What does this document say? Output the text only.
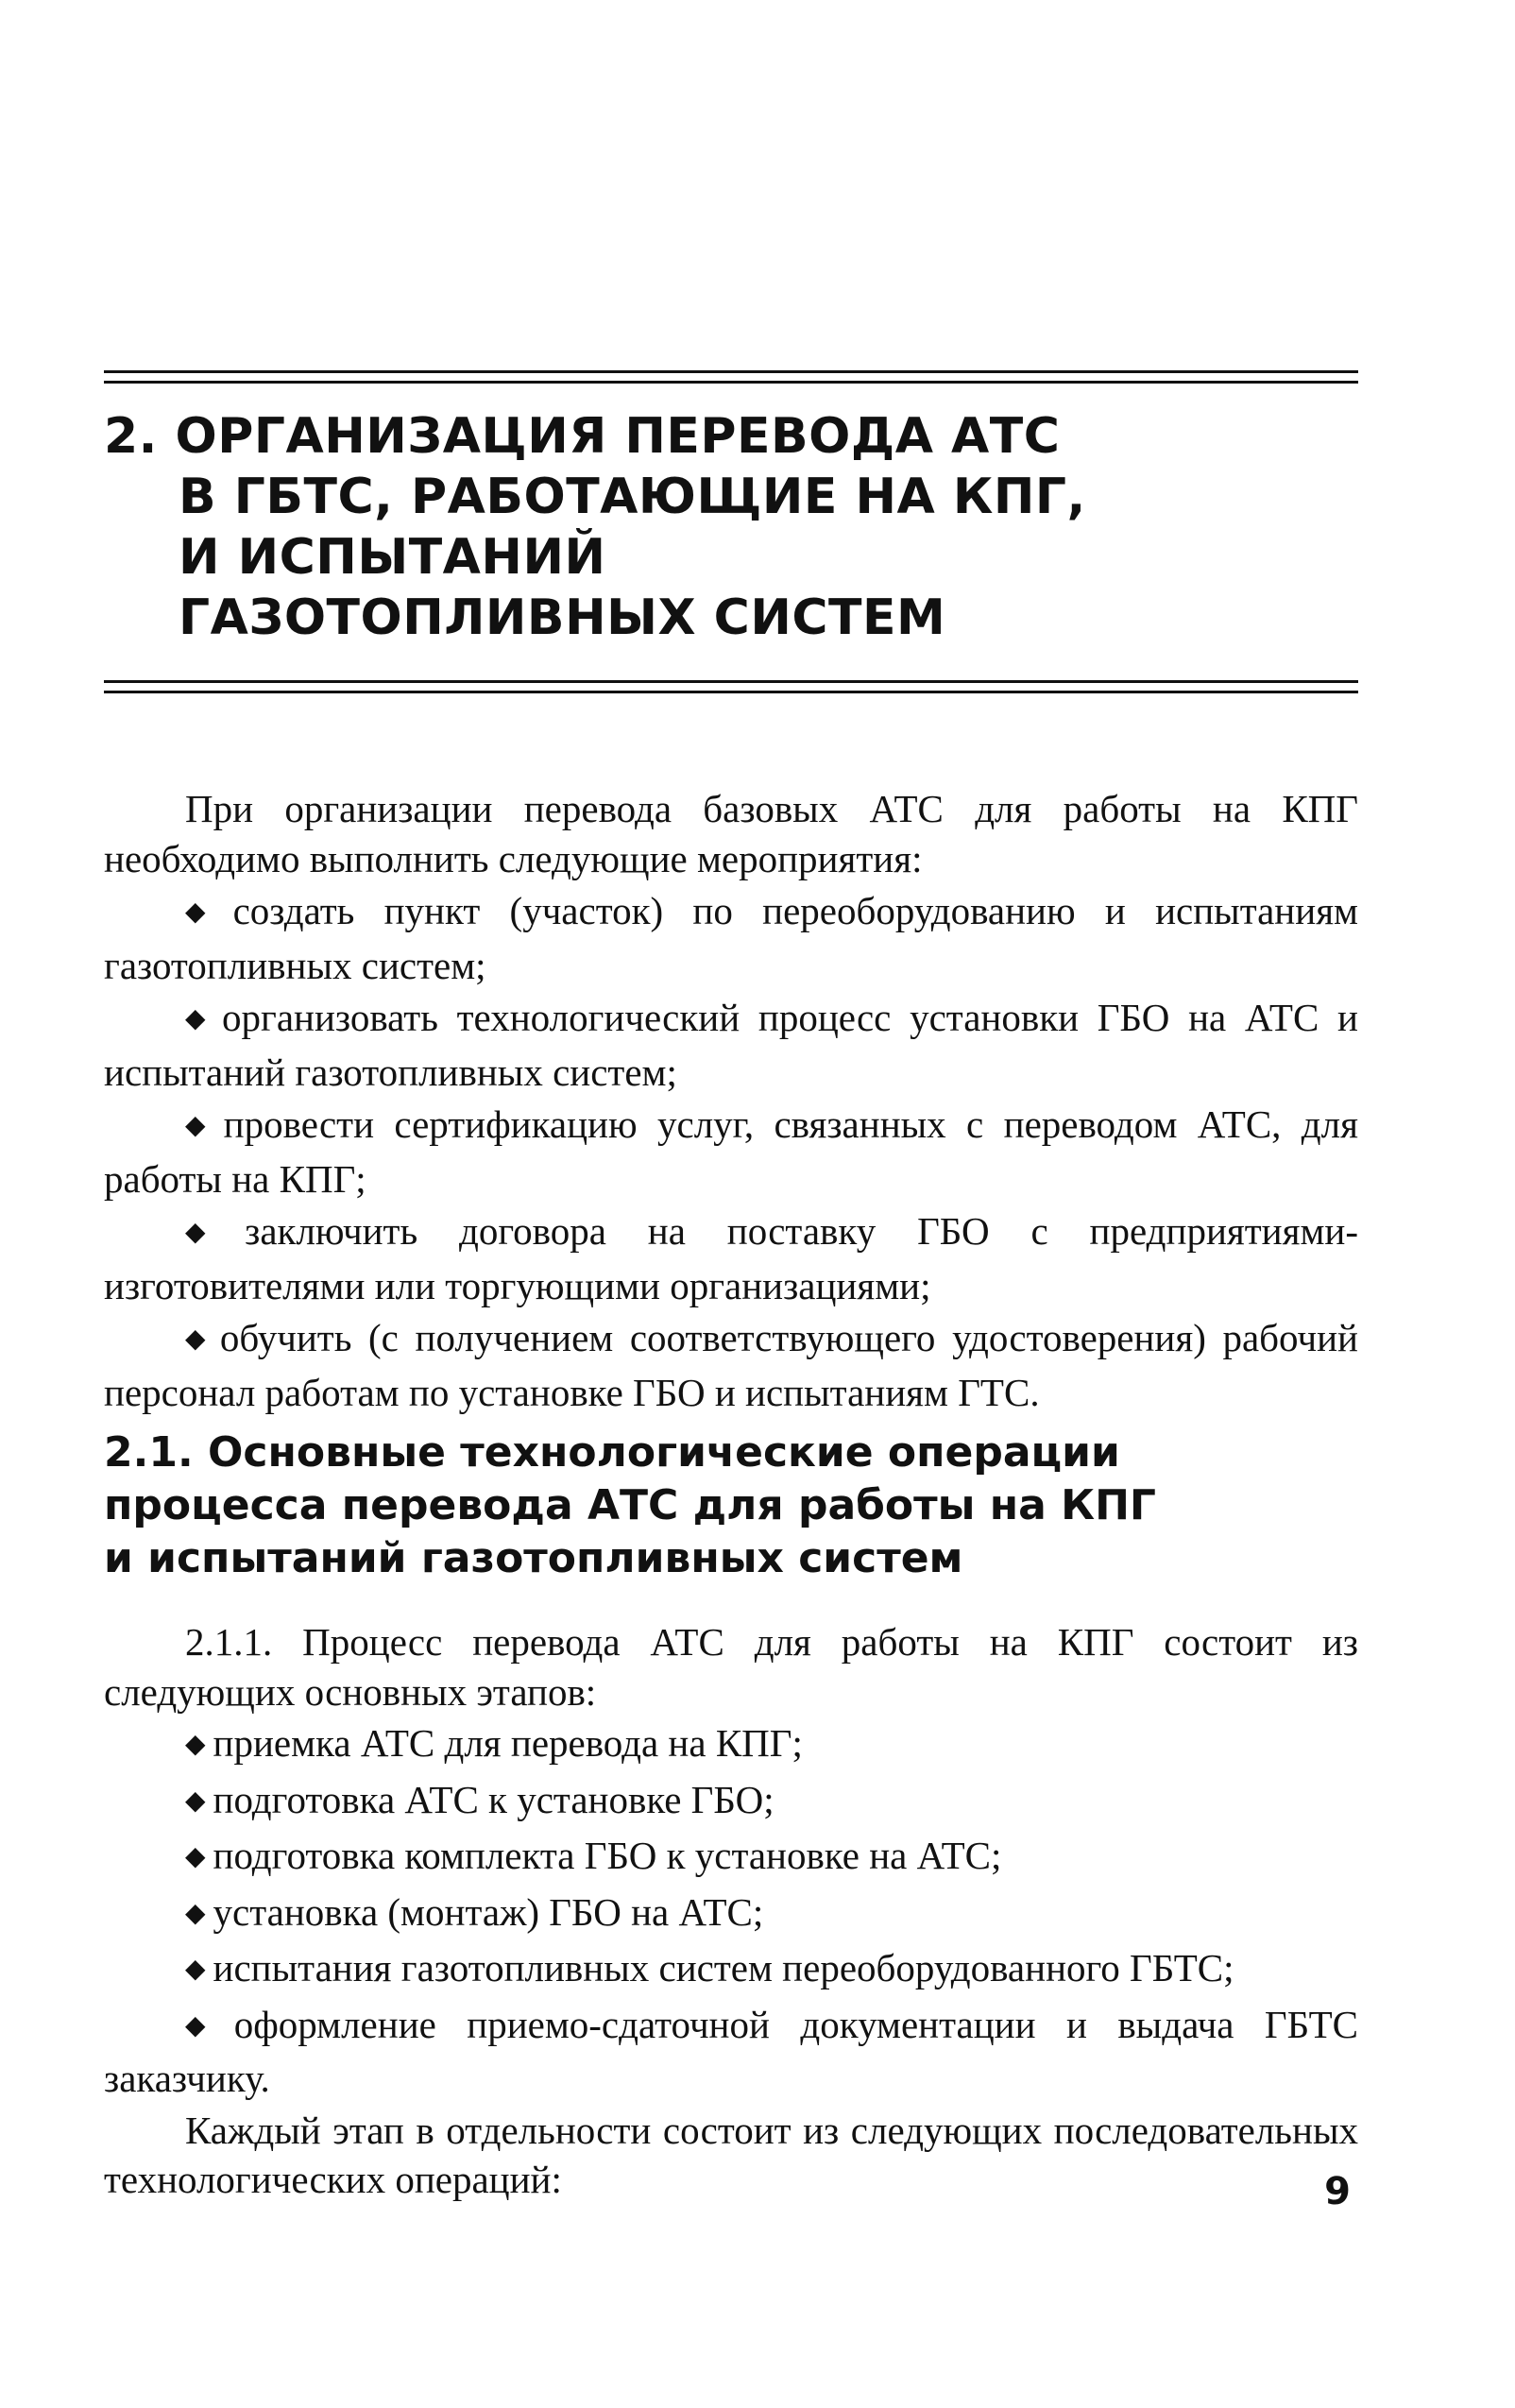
2. ОРГАНИЗАЦИЯ ПЕРЕВОДА АТС
В ГБТС, РАБОТАЮЩИЕ НА КПГ,
И ИСПЫТАНИЙ
ГАЗОТОПЛИВНЫХ СИСТЕМ

При организации перевода базовых АТС для работы на КПГ необходимо выполнить следующие мероприятия:

◆ создать пункт (участок) по переоборудованию и испытаниям газотопливных систем;

◆ организовать технологический процесс установки ГБО на АТС и испытаний газотопливных систем;

◆ провести сертификацию услуг, связанных с переводом АТС, для работы на КПГ;

◆ заключить договора на поставку ГБО с предприятиями-изготовителями или торгующими организациями;

◆ обучить (с получением соответствующего удостоверения) рабочий персонал работам по установке ГБО и испытаниям ГТС.

2.1. Основные технологические операции
процесса перевода АТС для работы на КПГ
и испытаний газотопливных систем

2.1.1. Процесс перевода АТС для работы на КПГ состоит из следующих основных этапов:

◆ приемка АТС для перевода на КПГ;

◆ подготовка АТС к установке ГБО;

◆ подготовка комплекта ГБО к установке на АТС;

◆ установка (монтаж) ГБО на АТС;

◆ испытания газотопливных систем переоборудованного ГБТС;

◆ оформление приемо-сдаточной документации и выдача ГБТС заказчику.

Каждый этап в отдельности состоит из следующих последовательных технологических операций:	9
